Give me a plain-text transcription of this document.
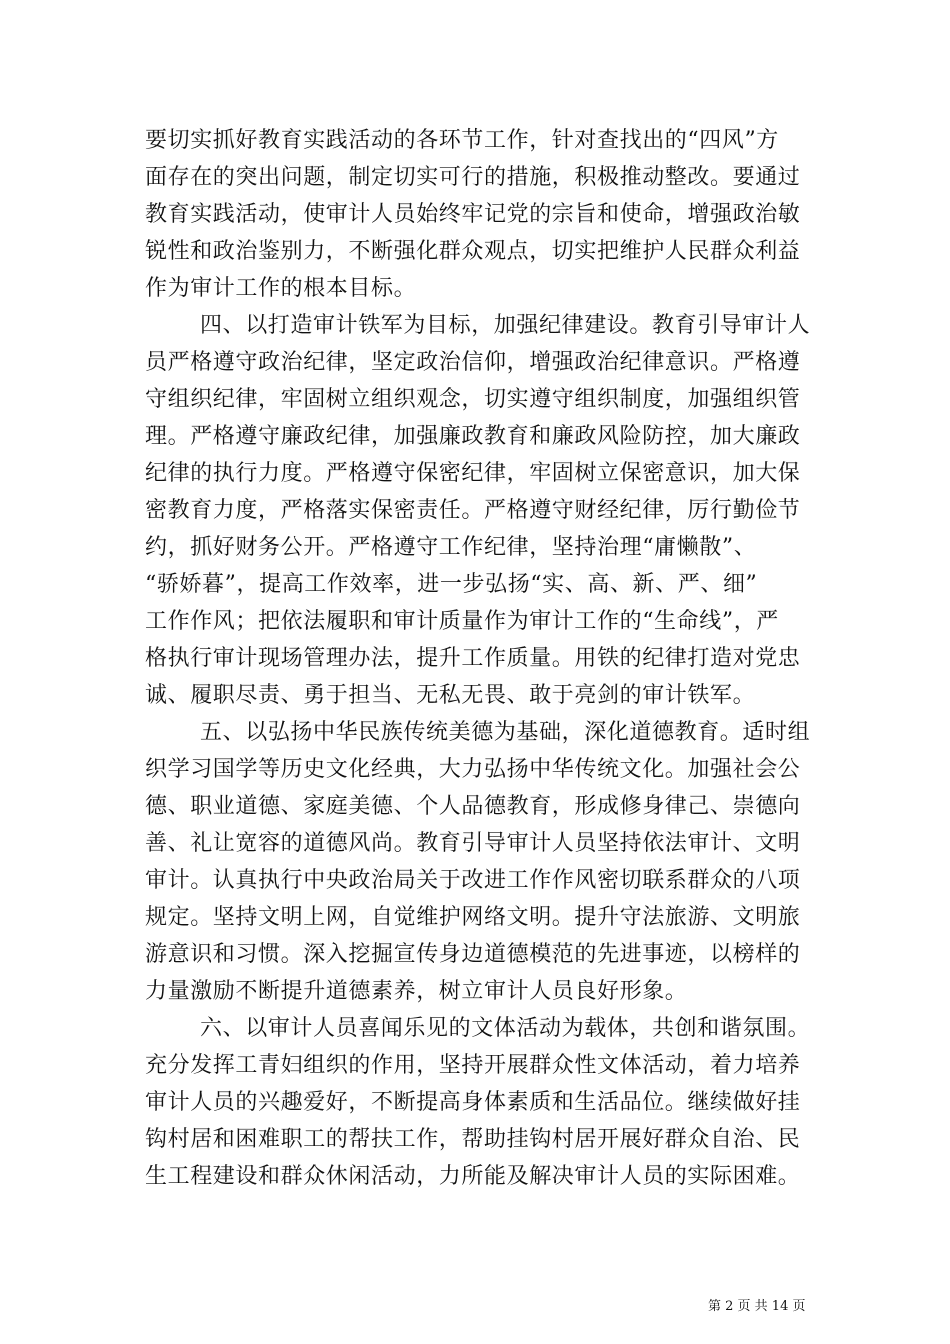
要切实抓好教育实践活动的各环节工作，针对查找出的“四风”方
面存在的突出问题，制定切实可行的措施，积极推动整改。要通过
教育实践活动，使审计人员始终牢记党的宗旨和使命，增强政治敏
锐性和政治鉴别力，不断强化群众观点，切实把维护人民群众利益
作为审计工作的根本目标。
四、以打造审计铁军为目标，加强纪律建设。教育引导审计人
员严格遵守政治纪律，坚定政治信仰，增强政治纪律意识。严格遵
守组织纪律，牢固树立组织观念，切实遵守组织制度，加强组织管
理。严格遵守廉政纪律，加强廉政教育和廉政风险防控，加大廉政
纪律的执行力度。严格遵守保密纪律，牢固树立保密意识，加大保
密教育力度，严格落实保密责任。严格遵守财经纪律，厉行勤俭节
约，抓好财务公开。严格遵守工作纪律，坚持治理“庸懒散”、
“骄娇暮”，提高工作效率，进一步弘扬“实、高、新、严、细”
工作作风；把依法履职和审计质量作为审计工作的“生命线”，严
格执行审计现场管理办法，提升工作质量。用铁的纪律打造对党忠
诚、履职尽责、勇于担当、无私无畏、敢于亮剑的审计铁军。
五、以弘扬中华民族传统美德为基础，深化道德教育。适时组
织学习国学等历史文化经典，大力弘扬中华传统文化。加强社会公
德、职业道德、家庭美德、个人品德教育，形成修身律己、崇德向
善、礼让宽容的道德风尚。教育引导审计人员坚持依法审计、文明
审计。认真执行中央政治局关于改进工作作风密切联系群众的八项
规定。坚持文明上网，自觉维护网络文明。提升守法旅游、文明旅
游意识和习惯。深入挖掘宣传身边道德模范的先进事迹，以榜样的
力量激励不断提升道德素养，树立审计人员良好形象。
六、以审计人员喜闻乐见的文体活动为载体，共创和谐氛围。
充分发挥工青妇组织的作用，坚持开展群众性文体活动，着力培养
审计人员的兴趣爱好，不断提高身体素质和生活品位。继续做好挂
钩村居和困难职工的帮扶工作，帮助挂钩村居开展好群众自治、民
生工程建设和群众休闲活动，力所能及解决审计人员的实际困难。
第 2 页 共 14 页
